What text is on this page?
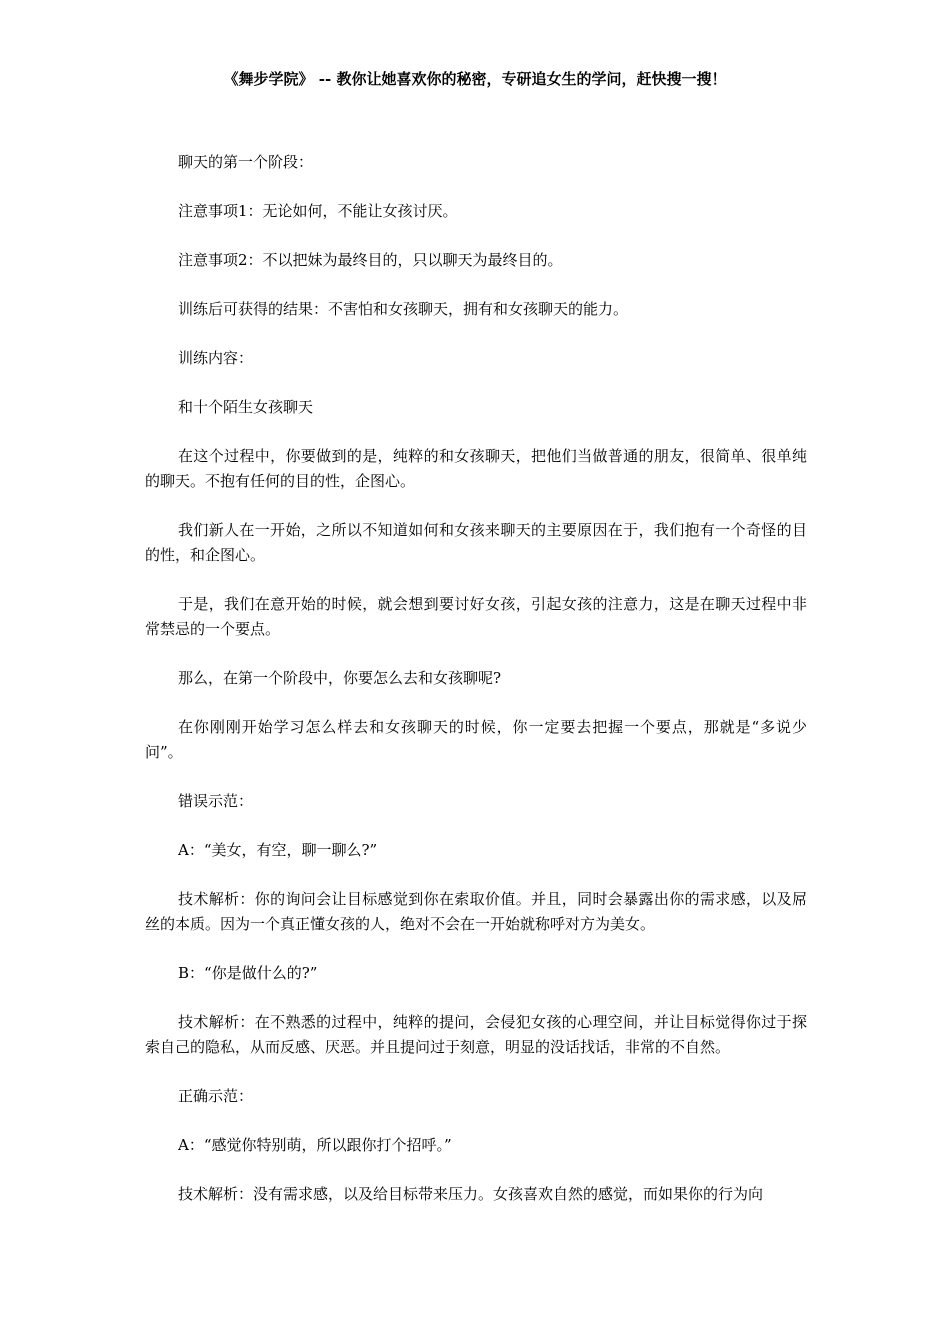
《舞步学院》 -- 教你让她喜欢你的秘密，专研追女生的学问，赶快搜一搜！

聊天的第一个阶段：

注意事项1：无论如何，不能让女孩讨厌。

注意事项2：不以把妹为最终目的，只以聊天为最终目的。

训练后可获得的结果：不害怕和女孩聊天，拥有和女孩聊天的能力。

训练内容：

和十个陌生女孩聊天

在这个过程中，你要做到的是，纯粹的和女孩聊天，把他们当做普通的朋友，很简单、很单纯的聊天。不抱有任何的目的性，企图心。

我们新人在一开始，之所以不知道如何和女孩来聊天的主要原因在于，我们抱有一个奇怪的目的性，和企图心。

于是，我们在意开始的时候，就会想到要讨好女孩，引起女孩的注意力，这是在聊天过程中非常禁忌的一个要点。

那么，在第一个阶段中，你要怎么去和女孩聊呢?

在你刚刚开始学习怎么样去和女孩聊天的时候，你一定要去把握一个要点，那就是“多说少问”。

错误示范：

A：“美女，有空，聊一聊么?”

技术解析：你的询问会让目标感觉到你在索取价值。并且，同时会暴露出你的需求感，以及屌丝的本质。因为一个真正懂女孩的人，绝对不会在一开始就称呼对方为美女。

B：“你是做什么的?”

技术解析：在不熟悉的过程中，纯粹的提问，会侵犯女孩的心理空间，并让目标觉得你过于探索自己的隐私，从而反感、厌恶。并且提问过于刻意，明显的没话找话，非常的不自然。

正确示范：

A：“感觉你特别萌，所以跟你打个招呼。”

技术解析：没有需求感，以及给目标带来压力。女孩喜欢自然的感觉，而如果你的行为向
